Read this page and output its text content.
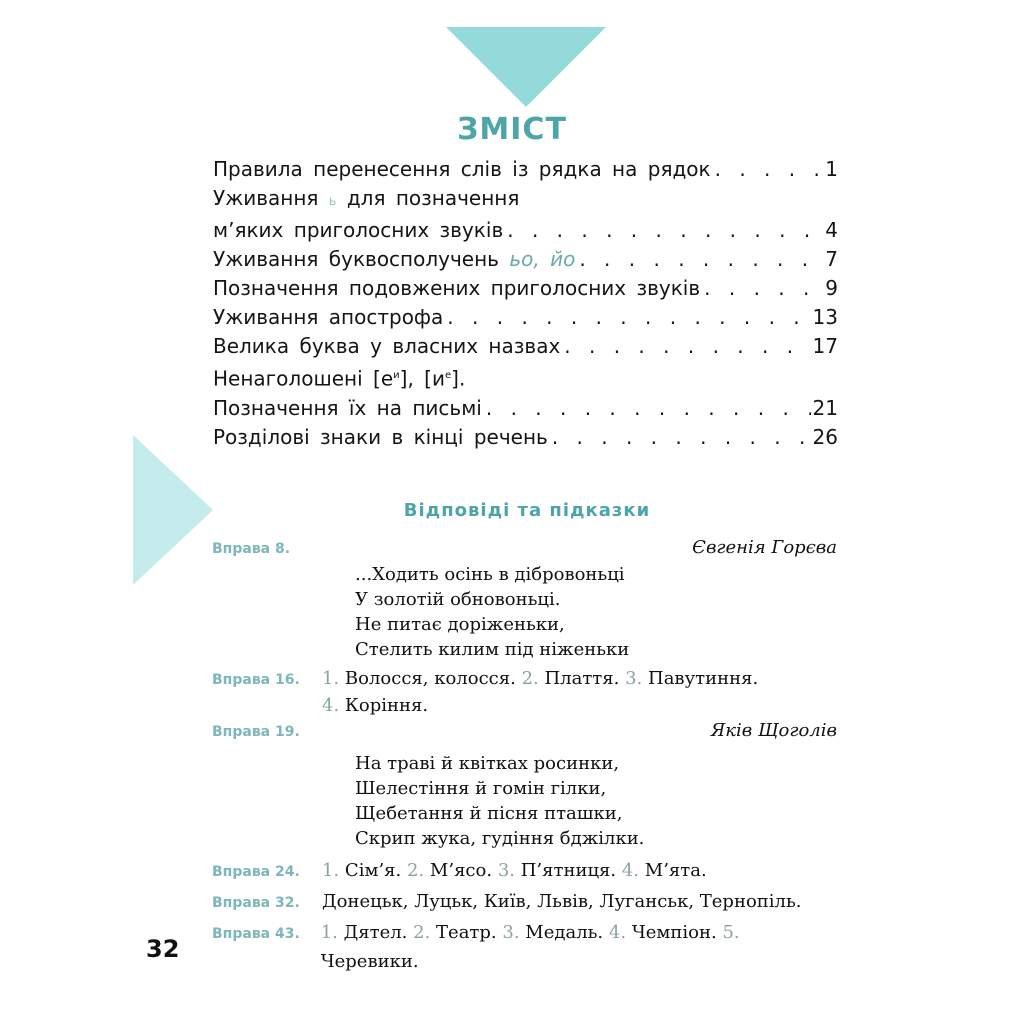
ЗМІСТ
Правила перенесення слів із рядка на рядок . . .	1
Уживання ь для позначення
м’яких приголосних звуків . . .	4
Уживання буквосполучень ьо, йо . . .	7
Позначення подовжених приголосних звуків . . .	9
Уживання апострофа . . .	13
Велика буква у власних назвах . . .	17
Ненаголошені $[е^и]$, $[и^е]$.
Позначення їх на письмі . . .	21
Розділові знаки в кінці речень . . .	26
Відповіді та підказки
Вправа 8.	Євгенія Горєва
...Ходить осінь в дібровоньці
У золотій обновоньці.
Не питає доріженьки,
Стелить килим під ніженьки
Вправа 16.	1. Волосся, колосся. 2. Плаття. 3. Павутиння.
4. Коріння.
Вправа 19.	Яків Щоголів
На траві й квітках росинки,
Шелестіння й гомін гілки,
Щебетання й пісня пташки,
Скрип жука, гудіння бджілки.
Вправа 24.	1. Сім’я. 2. М’ясо. 3. П’ятниця. 4. М’ята.
Вправа 32.	Донецьк, Луцьк, Київ, Львів, Луганськ, Тернопіль.
Вправа 43.	1. Дятел. 2. Театр. 3. Медаль. 4. Чемпіон. 5. Черевики.
32
